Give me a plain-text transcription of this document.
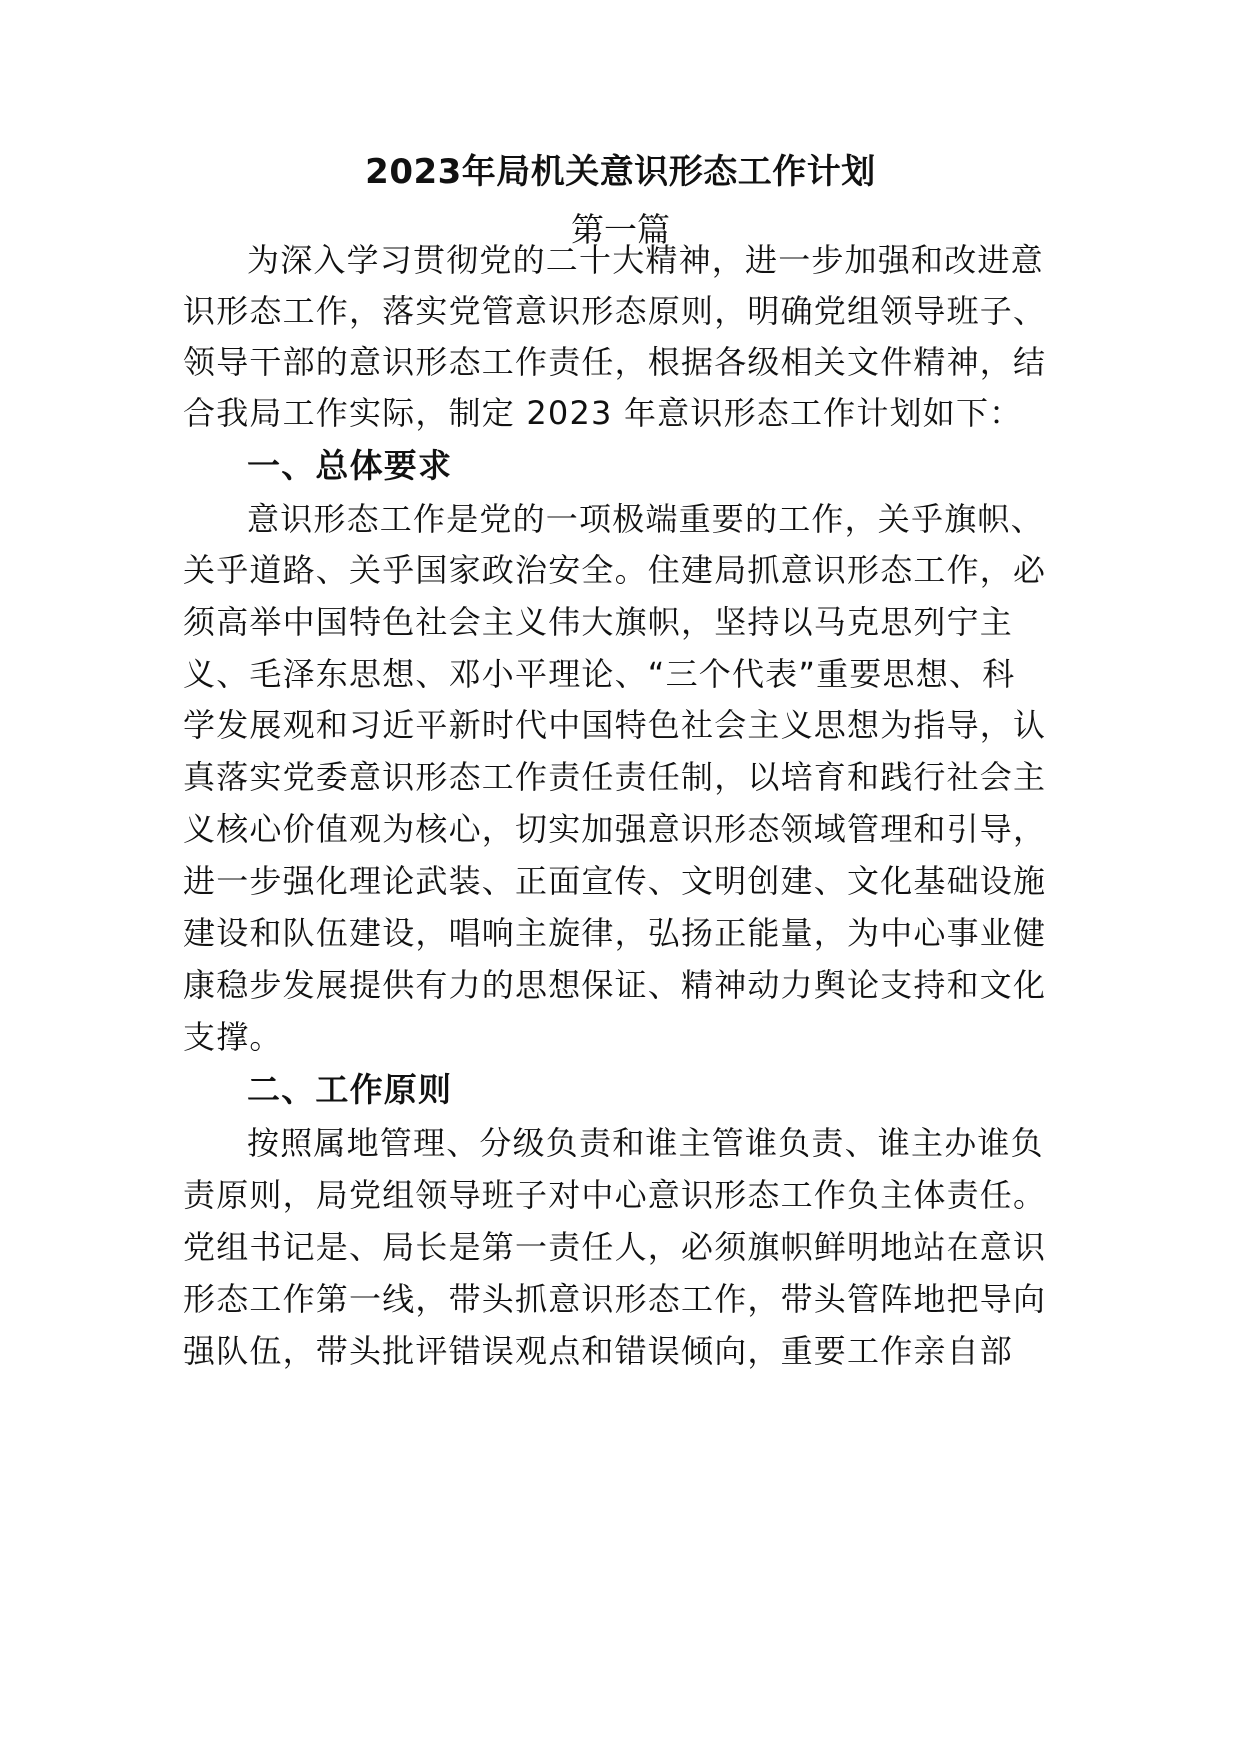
2023年局机关意识形态工作计划
第一篇
为深入学习贯彻党的二十大精神，进一步加强和改进意
识形态工作，落实党管意识形态原则，明确党组领导班子、
领导干部的意识形态工作责任，根据各级相关文件精神，结
合我局工作实际，制定 2023 年意识形态工作计划如下：
一、总体要求
意识形态工作是党的一项极端重要的工作，关乎旗帜、
关乎道路、关乎国家政治安全。住建局抓意识形态工作，必
须高举中国特色社会主义伟大旗帜，坚持以马克思列宁主
义、毛泽东思想、邓小平理论、“三个代表”重要思想、科
学发展观和习近平新时代中国特色社会主义思想为指导，认
真落实党委意识形态工作责任责任制，以培育和践行社会主
义核心价值观为核心，切实加强意识形态领域管理和引导，
进一步强化理论武装、正面宣传、文明创建、文化基础设施
建设和队伍建设，唱响主旋律，弘扬正能量，为中心事业健
康稳步发展提供有力的思想保证、精神动力舆论支持和文化
支撑。
二、工作原则
按照属地管理、分级负责和谁主管谁负责、谁主办谁负
责原则，局党组领导班子对中心意识形态工作负主体责任。
党组书记是、局长是第一责任人，必须旗帜鲜明地站在意识
形态工作第一线，带头抓意识形态工作，带头管阵地把导向
强队伍，带头批评错误观点和错误倾向，重要工作亲自部
